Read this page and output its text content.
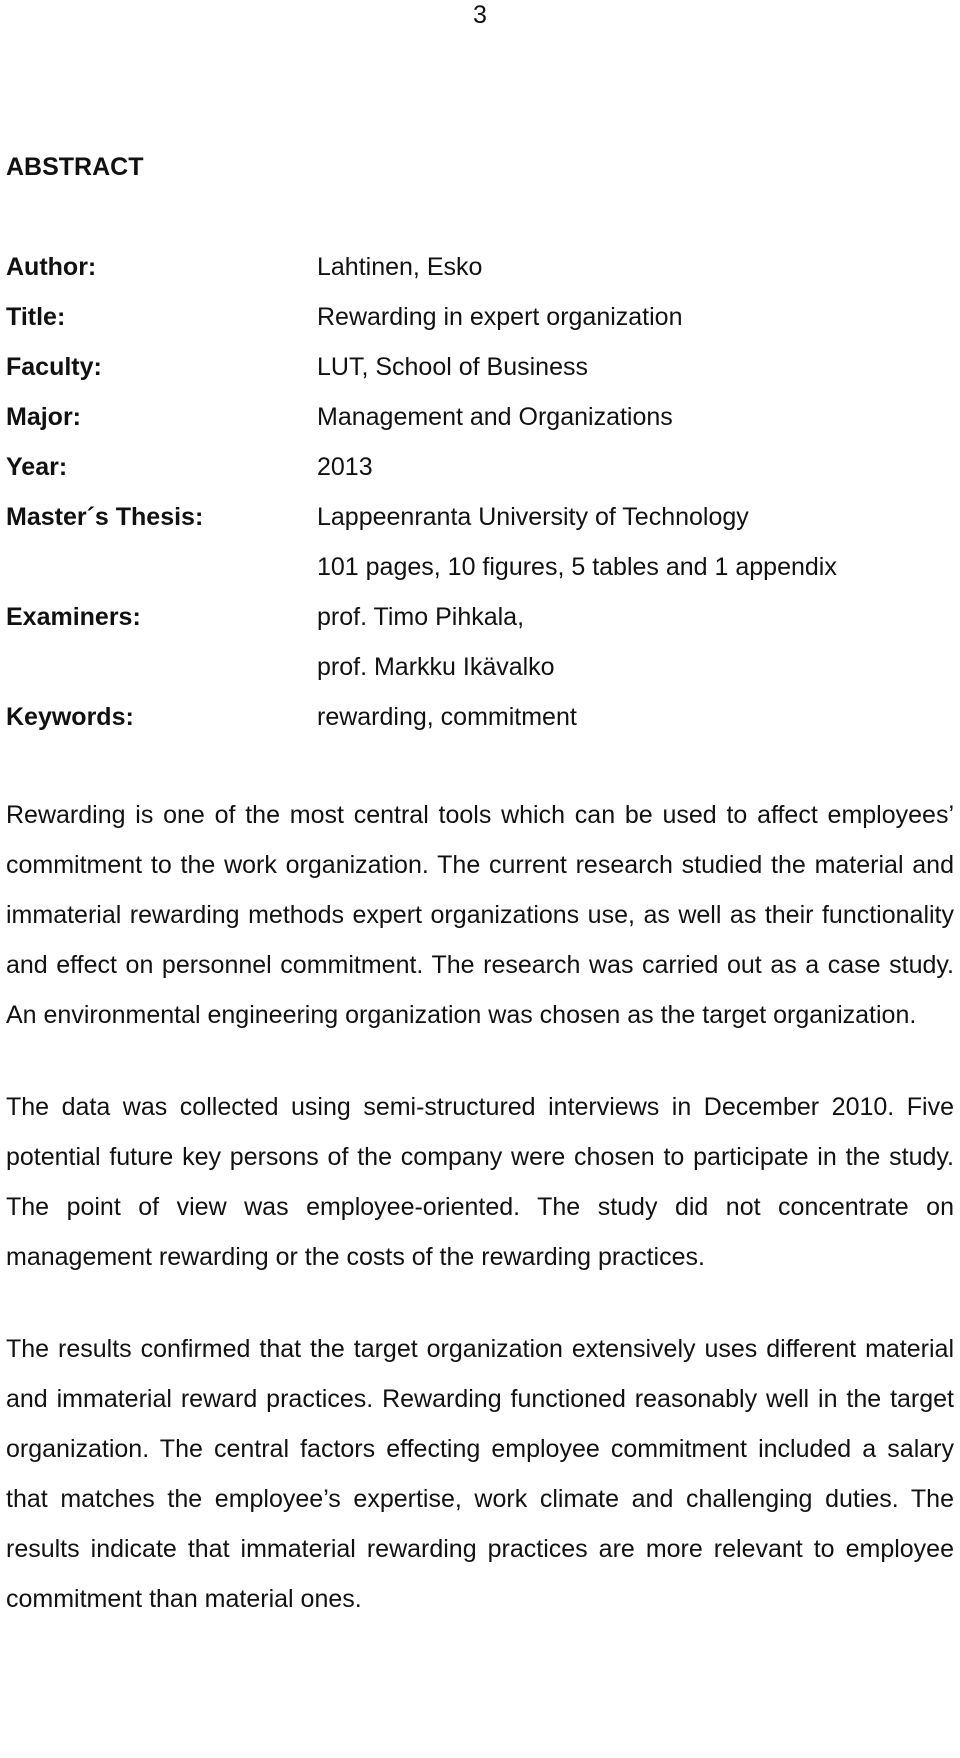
3
ABSTRACT
Author:	Lahtinen, Esko
Title:	Rewarding in expert organization
Faculty:	LUT, School of Business
Major:	Management and Organizations
Year:	2013
Master´s Thesis:	Lappeenranta University of Technology
101 pages, 10 figures, 5 tables and 1 appendix
Examiners:	prof. Timo Pihkala,
prof. Markku Ikävalko
Keywords:	rewarding, commitment

Rewarding is one of the most central tools which can be used to affect employees’ commitment to the work organization. The current research studied the material and immaterial rewarding methods expert organizations use, as well as their functionality and effect on personnel commitment. The research was carried out as a case study. An environmental engineering organization was chosen as the target organization.

The data was collected using semi-structured interviews in December 2010. Five potential future key persons of the company were chosen to participate in the study. The point of view was employee-oriented. The study did not concentrate on management rewarding or the costs of the rewarding practices.

The results confirmed that the target organization extensively uses different material and immaterial reward practices. Rewarding functioned reasonably well in the target organization. The central factors effecting employee commitment included a salary that matches the employee’s expertise, work climate and challenging duties. The results indicate that immaterial rewarding practices are more relevant to employee commitment than material ones.
